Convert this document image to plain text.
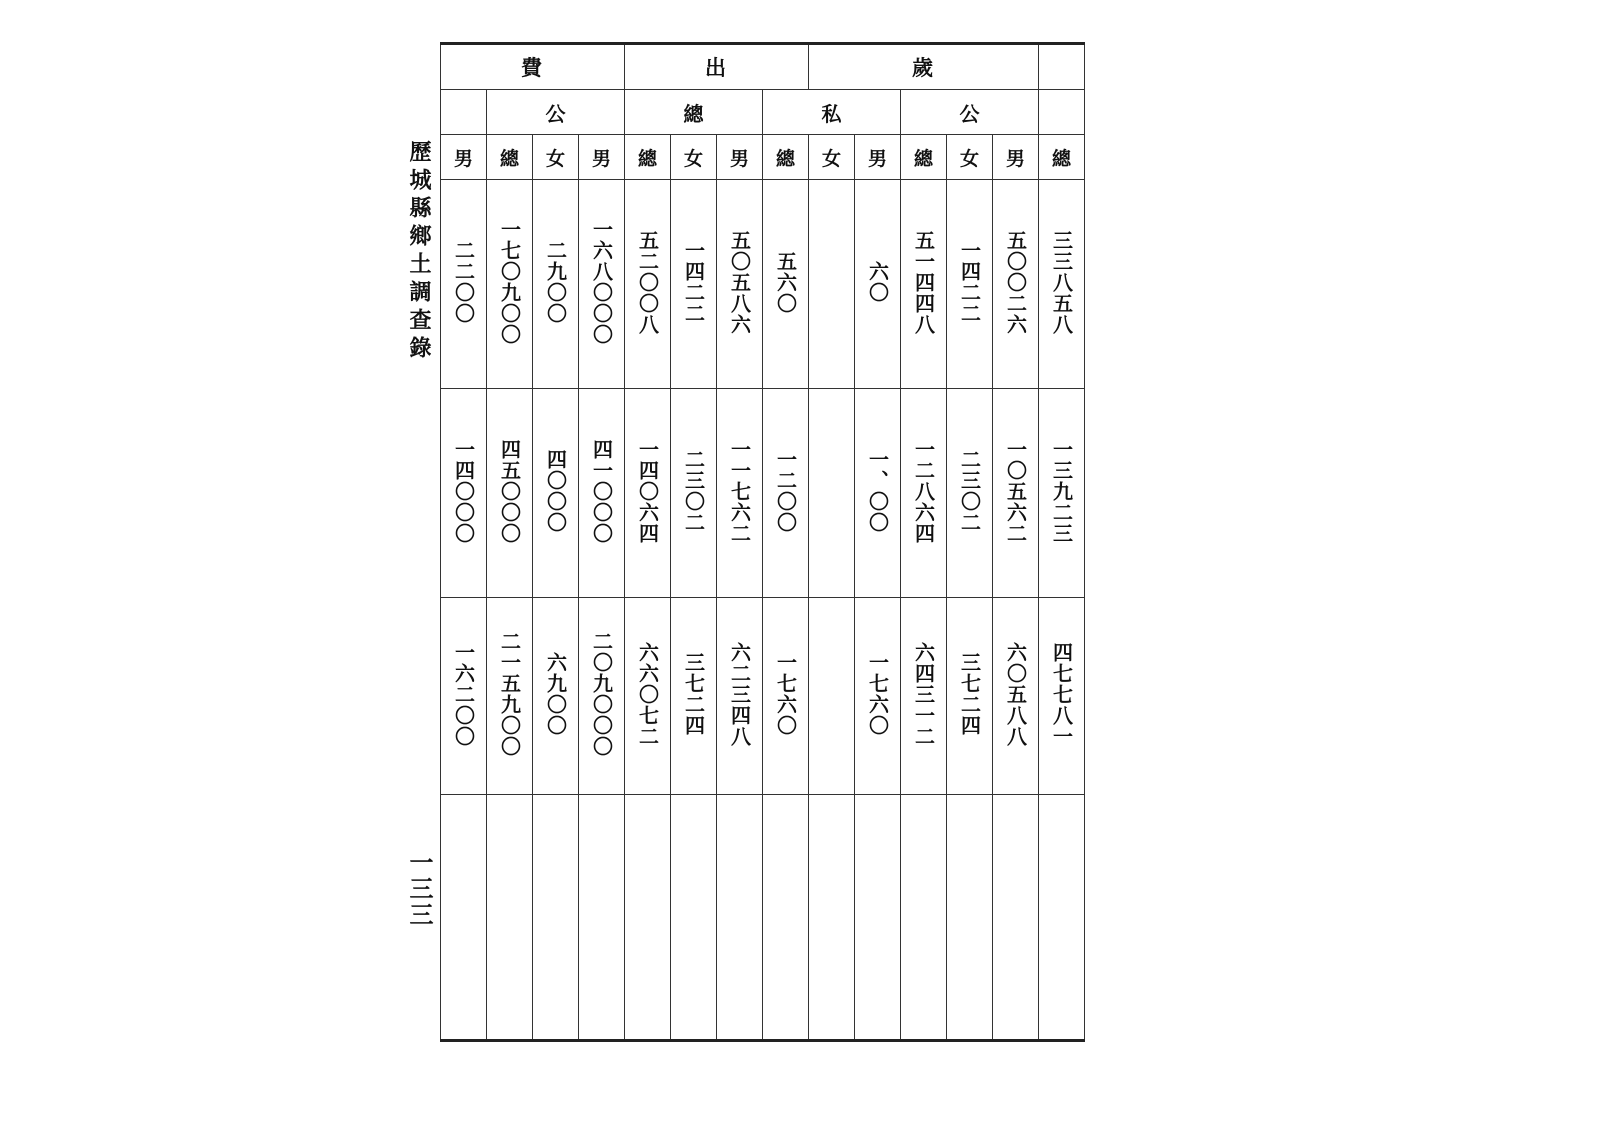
歷城縣鄉土調查錄
一三三
費				出				歲					
	公			總			私			公			
男	總	女	男	總	女	男	總	女	男	總	女	男	總
二二〇〇	一七〇九〇〇	二九〇〇	一六八〇〇〇	五二〇〇八	一四二二	五〇五八六	五六〇		六〇	五一四四八	一四二二	五〇〇二六	三三八五八
一四〇〇〇	四五〇〇〇	四〇〇〇	四一〇〇〇	一四〇六四	二三〇二	一一七六二	一二〇〇		一、〇〇	一二八六四	二三〇二	一〇五六二	一三九二三
一六二〇〇	二一五九〇〇	六九〇〇	二〇九〇〇〇	六六〇七二	三七二四	六二三四八	一七六〇		一七六〇	六四三一二	三七二四	六〇五八八	四七七八一
